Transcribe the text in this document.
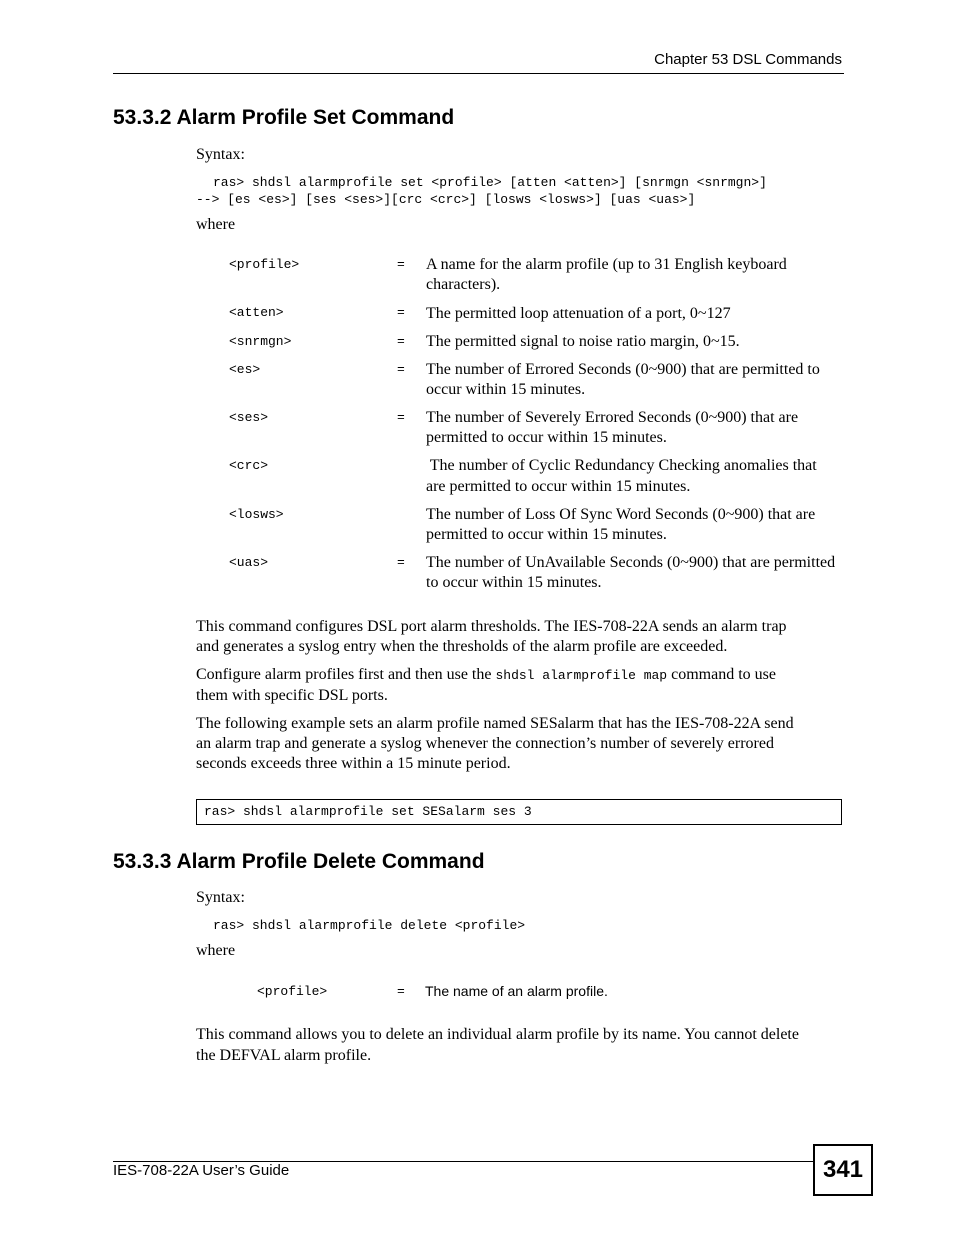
Chapter 53 DSL Commands
53.3.2 Alarm Profile Set Command
Syntax:
ras> shdsl alarmprofile set <profile> [atten <atten>] [snrmgn <snrmgn>]
--> [es <es>] [ses <ses>][crc <crc>] [losws <losws>] [uas <uas>]
where
<profile>	= A name for the alarm profile (up to 31 English keyboard
characters).
<atten>	= The permitted loop attenuation of a port, 0~127
<snrmgn>	= The permitted signal to noise ratio margin, 0~15.
<es>	= The number of Errored Seconds (0~900) that are permitted to
occur within 15 minutes.
<ses>	= The number of Severely Errored Seconds (0~900) that are
permitted to occur within 15 minutes.
<crc>	The number of Cyclic Redundancy Checking anomalies that
are permitted to occur within 15 minutes.
<losws>	The number of Loss Of Sync Word Seconds (0~900) that are
permitted to occur within 15 minutes.
<uas>	= The number of UnAvailable Seconds (0~900) that are permitted
to occur within 15 minutes.
This command configures DSL port alarm thresholds. The IES-708-22A sends an alarm trap
and generates a syslog entry when the thresholds of the alarm profile are exceeded.
Configure alarm profiles first and then use the shdsl alarmprofile map command to use
them with specific DSL ports.
The following example sets an alarm profile named SESalarm that has the IES-708-22A send
an alarm trap and generate a syslog whenever the connection’s number of severely errored
seconds exceeds three within a 15 minute period.
ras> shdsl alarmprofile set SESalarm ses 3
53.3.3 Alarm Profile Delete Command
Syntax:
ras> shdsl alarmprofile delete <profile>
where
<profile>	= The name of an alarm profile.
This command allows you to delete an individual alarm profile by its name. You cannot delete
the DEFVAL alarm profile.
IES-708-22A User’s Guide	341
